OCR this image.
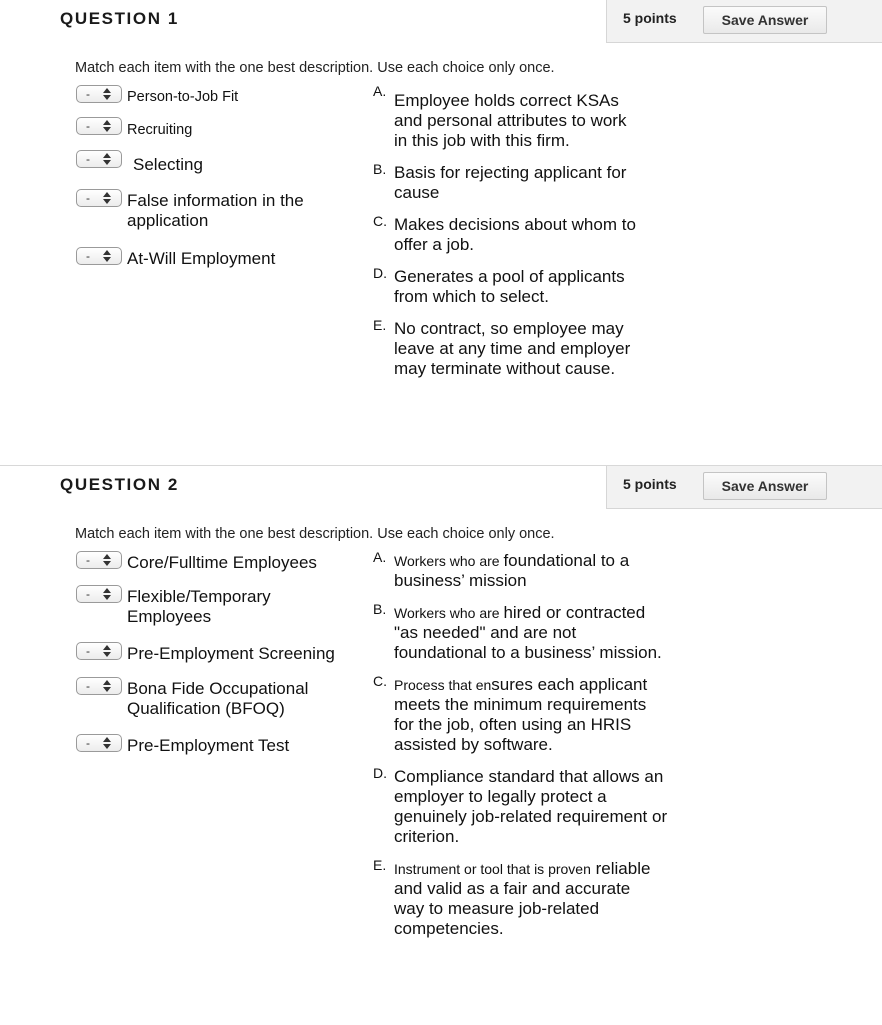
QUESTION 1	5 points	Save Answer
Match each item with the one best description. Use each choice only once.
-	Person-to-Job Fit
-	Recruiting
-	Selecting
-	False information in the application
-	At-Will Employment
A. Employee holds correct KSAs and personal attributes to work in this job with this firm.
B. Basis for rejecting applicant for cause
C. Makes decisions about whom to offer a job.
D. Generates a pool of applicants from which to select.
E. No contract, so employee may leave at any time and employer may terminate without cause.
QUESTION 2	5 points	Save Answer
Match each item with the one best description. Use each choice only once.
-	Core/Fulltime Employees
-	Flexible/Temporary Employees
-	Pre-Employment Screening
-	Bona Fide Occupational Qualification (BFOQ)
-	Pre-Employment Test
A. Workers who are foundational to a business’ mission
B. Workers who are hired or contracted "as needed" and are not foundational to a business’ mission.
C. Process that ensures each applicant meets the minimum requirements for the job, often using an HRIS assisted by software.
D. Compliance standard that allows an employer to legally protect a genuinely job-related requirement or criterion.
E. Instrument or tool that is proven reliable and valid as a fair and accurate way to measure job-related competencies.
